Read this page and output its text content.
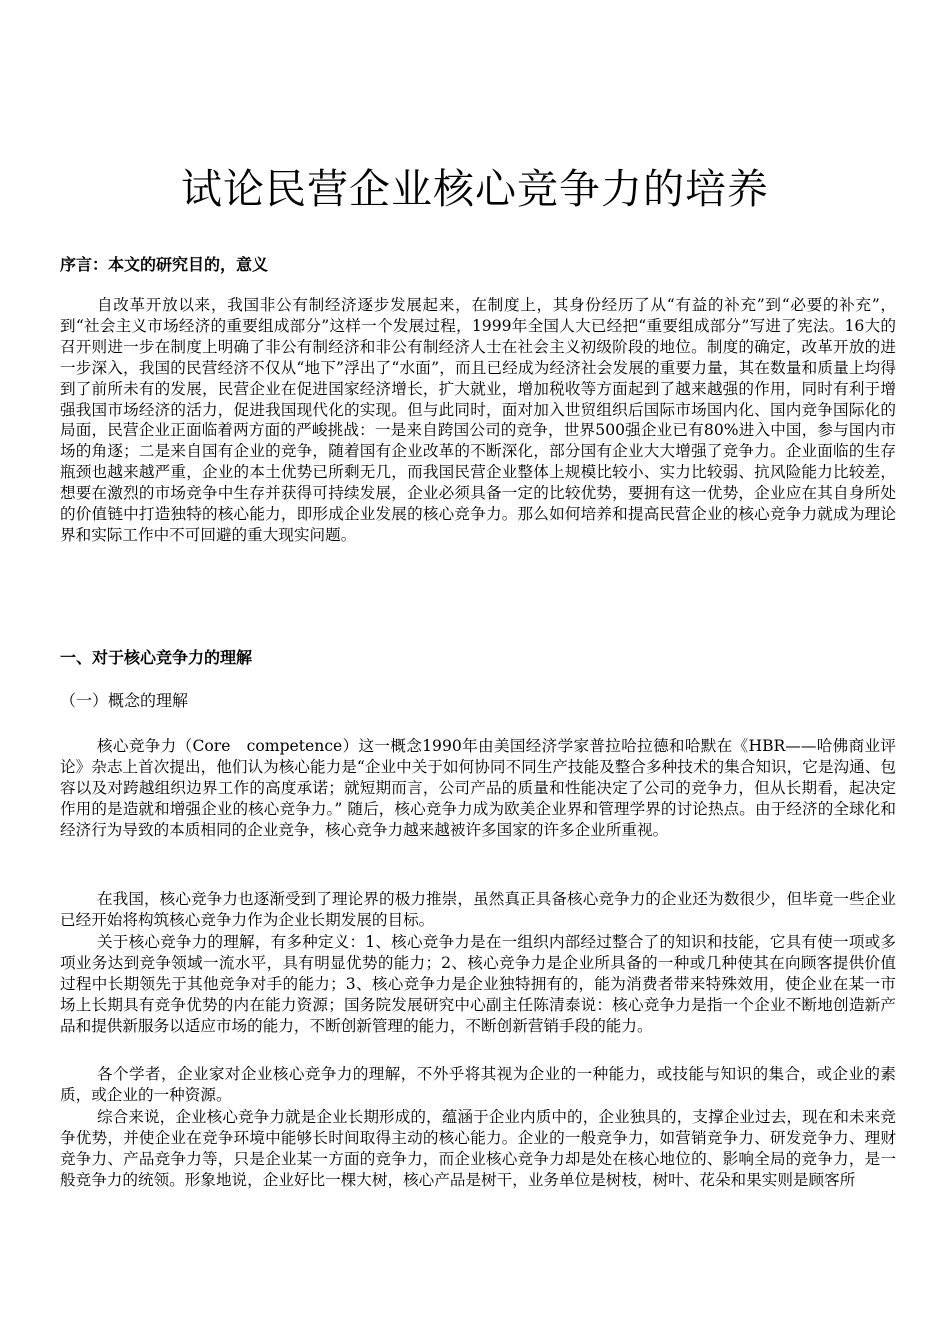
试论民营企业核心竞争力的培养
序言：本文的研究目的，意义

自改革开放以来，我国非公有制经济逐步发展起来，在制度上，其身份经历了从“有益的补充”到“必要的补充”，到“社会主义市场经济的重要组成部分”这样一个发展过程，1999年全国人大已经把“重要组成部分”写进了宪法。16大的召开则进一步在制度上明确了非公有制经济和非公有制经济人士在社会主义初级阶段的地位。制度的确定，改革开放的进一步深入，我国的民营经济不仅从“地下”浮出了“水面”，而且已经成为经济社会发展的重要力量，其在数量和质量上均得到了前所未有的发展，民营企业在促进国家经济增长，扩大就业，增加税收等方面起到了越来越强的作用，同时有利于增强我国市场经济的活力，促进我国现代化的实现。但与此同时，面对加入世贸组织后国际市场国内化、国内竞争国际化的局面，民营企业正面临着两方面的严峻挑战：一是来自跨国公司的竞争，世界500强企业已有80%进入中国，参与国内市场的角逐；二是来自国有企业的竞争，随着国有企业改革的不断深化，部分国有企业大大增强了竞争力。企业面临的生存瓶颈也越来越严重，企业的本土优势已所剩无几，而我国民营企业整体上规模比较小、实力比较弱、抗风险能力比较差，想要在激烈的市场竞争中生存并获得可持续发展，企业必须具备一定的比较优势，要拥有这一优势，企业应在其自身所处的价值链中打造独特的核心能力，即形成企业发展的核心竞争力。那么如何培养和提高民营企业的核心竞争力就成为理论界和实际工作中不可回避的重大现实问题。

一、对于核心竞争力的理解
（一）概念的理解

核心竞争力（Core　competence）这一概念1990年由美国经济学家普拉哈拉德和哈默在《HBR——哈佛商业评论》杂志上首次提出，他们认为核心能力是“企业中关于如何协同不同生产技能及整合多种技术的集合知识，它是沟通、包容以及对跨越组织边界工作的高度承诺；就短期而言，公司产品的质量和性能决定了公司的竞争力，但从长期看，起决定作用的是造就和增强企业的核心竞争力。” 随后，核心竞争力成为欧美企业界和管理学界的讨论热点。由于经济的全球化和经济行为导致的本质相同的企业竞争，核心竞争力越来越被许多国家的许多企业所重视。

在我国，核心竞争力也逐渐受到了理论界的极力推崇，虽然真正具备核心竞争力的企业还为数很少，但毕竟一些企业已经开始将构筑核心竞争力作为企业长期发展的目标。

关于核心竞争力的理解，有多种定义：1、核心竞争力是在一组织内部经过整合了的知识和技能，它具有使一项或多项业务达到竞争领域一流水平，具有明显优势的能力；2、核心竞争力是企业所具备的一种或几种使其在向顾客提供价值过程中长期领先于其他竞争对手的能力；3、核心竞争力是企业独特拥有的，能为消费者带来特殊效用，使企业在某一市场上长期具有竞争优势的内在能力资源；国务院发展研究中心副主任陈清泰说：核心竞争力是指一个企业不断地创造新产品和提供新服务以适应市场的能力，不断创新管理的能力，不断创新营销手段的能力。

各个学者，企业家对企业核心竞争力的理解，不外乎将其视为企业的一种能力，或技能与知识的集合，或企业的素质，或企业的一种资源。

综合来说，企业核心竞争力就是企业长期形成的，蕴涵于企业内质中的，企业独具的，支撑企业过去，现在和未来竞争优势，并使企业在竞争环境中能够长时间取得主动的核心能力。企业的一般竞争力，如营销竞争力、研发竞争力、理财竞争力、产品竞争力等，只是企业某一方面的竞争力，而企业核心竞争力却是处在核心地位的、影响全局的竞争力，是一般竞争力的统领。形象地说，企业好比一棵大树，核心产品是树干，业务单位是树枝，树叶、花朵和果实则是顾客所
